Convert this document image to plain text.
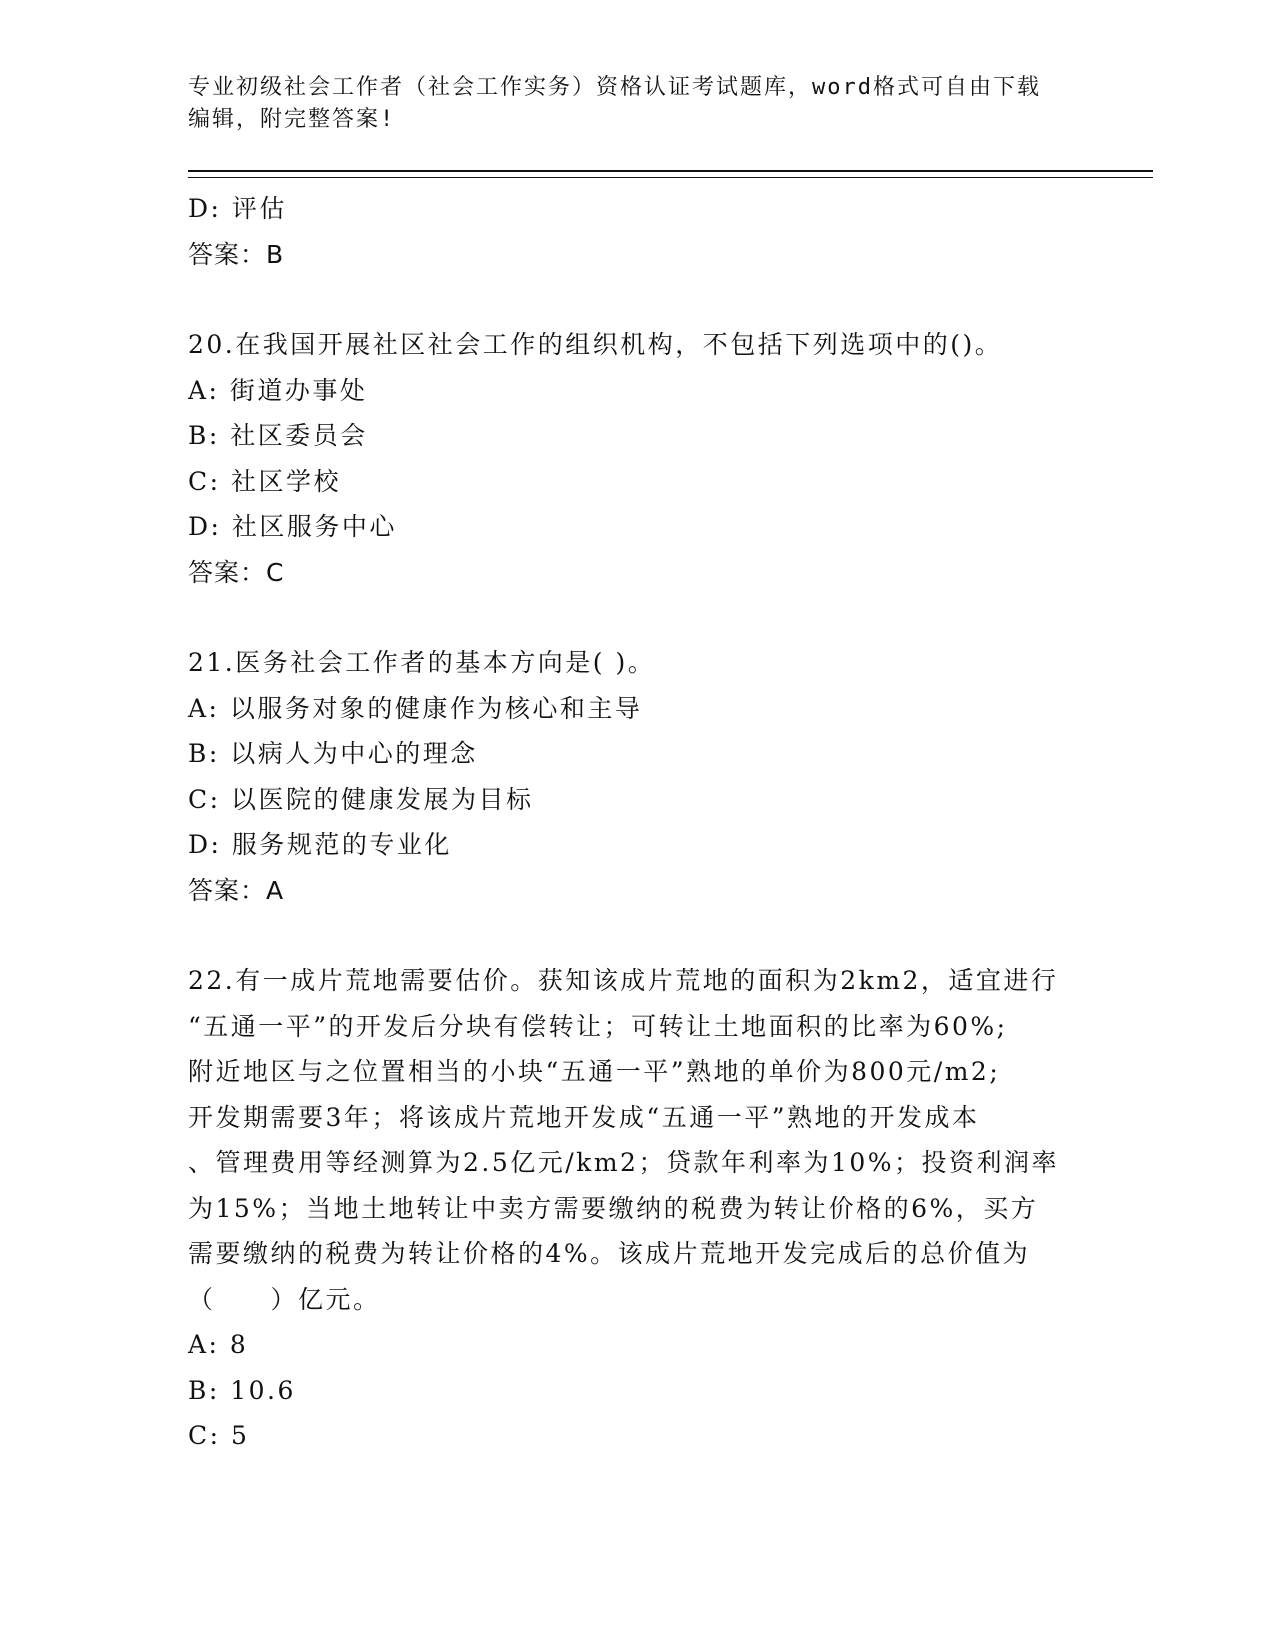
专业初级社会工作者（社会工作实务）资格认证考试题库，word格式可自由下载
编辑，附完整答案!
D: 评估
答案：B
20.在我国开展社区社会工作的组织机构，不包括下列选项中的()。
A: 街道办事处
B: 社区委员会
C: 社区学校
D: 社区服务中心
答案：C
21.医务社会工作者的基本方向是( )。
A: 以服务对象的健康作为核心和主导
B: 以病人为中心的理念
C: 以医院的健康发展为目标
D: 服务规范的专业化
答案：A
22.有一成片荒地需要估价。获知该成片荒地的面积为2km2，适宜进行
“五通一平”的开发后分块有偿转让；可转让土地面积的比率为60%;
附近地区与之位置相当的小块“五通一平”熟地的单价为800元/m2;
开发期需要3年；将该成片荒地开发成“五通一平”熟地的开发成本
、管理费用等经测算为2.5亿元/km2；贷款年利率为10%；投资利润率
为15%；当地土地转让中卖方需要缴纳的税费为转让价格的6%，买方
需要缴纳的税费为转让价格的4%。该成片荒地开发完成后的总价值为
（　　）亿元。
A: 8
B: 10.6
C: 5
